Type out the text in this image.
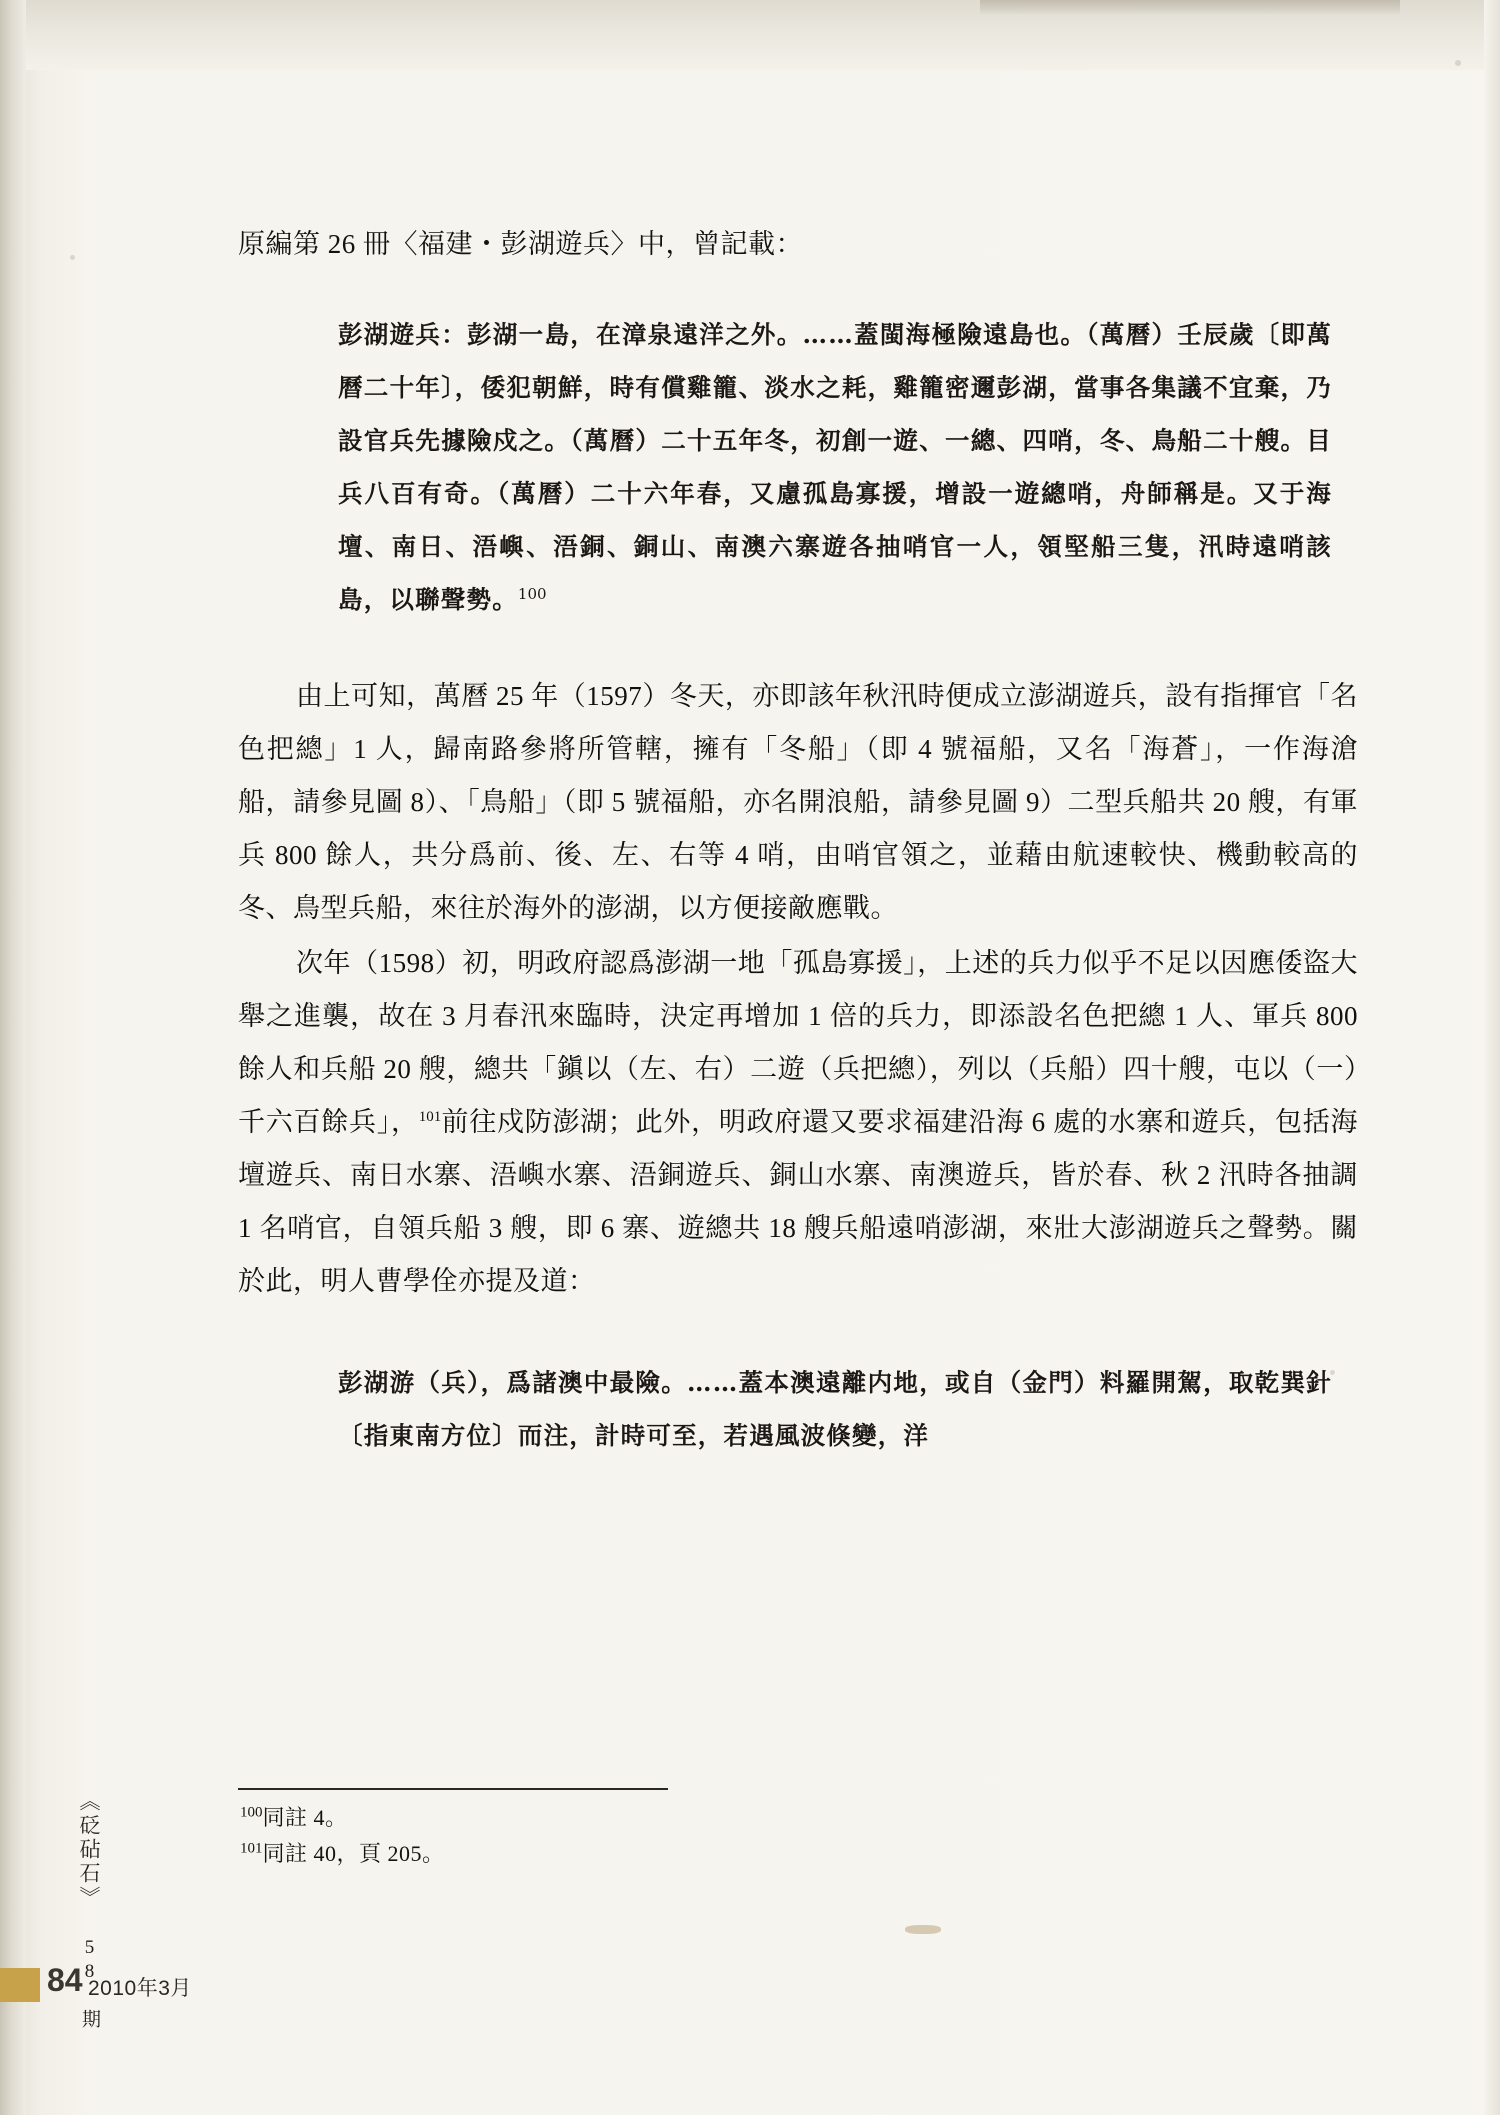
原編第 26 冊〈福建・彭湖遊兵〉中，曾記載：

彭湖遊兵：彭湖一島，在漳泉遠洋之外。……蓋閩海極險遠島也。（萬曆）壬辰歲〔即萬曆二十年〕，倭犯朝鮮，時有償雞籠、淡水之耗，雞籠密邇彭湖，當事各集議不宜棄，乃設官兵先據險戍之。（萬曆）二十五年冬，初創一遊、一總、四哨，冬、鳥船二十艘。目兵八百有奇。（萬曆）二十六年春，又慮孤島寡援，增設一遊總哨，舟師稱是。又于海壇、南日、浯嶼、浯銅、銅山、南澳六寨遊各抽哨官一人，領堅船三隻，汛時遠哨該島，以聯聲勢。$^{100}$

由上可知，萬曆 25 年（1597）冬天，亦即該年秋汛時便成立澎湖遊兵，設有指揮官「名色把總」1 人，歸南路參將所管轄，擁有「冬船」（即 4 號福船，又名「海蒼」，一作海滄船，請參見圖 8）、「鳥船」（即 5 號福船，亦名開浪船，請參見圖 9）二型兵船共 20 艘，有軍兵 800 餘人，共分爲前、後、左、右等 4 哨，由哨官領之，並藉由航速較快、機動較高的冬、鳥型兵船，來往於海外的澎湖，以方便接敵應戰。

次年（1598）初，明政府認爲澎湖一地「孤島寡援」，上述的兵力似乎不足以因應倭盜大舉之進襲，故在 3 月春汛來臨時，決定再增加 1 倍的兵力，即添設名色把總 1 人、軍兵 800 餘人和兵船 20 艘，總共「鎭以（左、右）二遊（兵把總），列以（兵船）四十艘，屯以（一）千六百餘兵」，$^{101}$前往戍防澎湖；此外，明政府還又要求福建沿海 6 處的水寨和遊兵，包括海壇遊兵、南日水寨、浯嶼水寨、浯銅遊兵、銅山水寨、南澳遊兵，皆於春、秋 2 汛時各抽調 1 名哨官，自領兵船 3 艘，即 6 寨、遊總共 18 艘兵船遠哨澎湖，來壯大澎湖遊兵之聲勢。關於此，明人曹學佺亦提及道：

彭湖游（兵），爲諸澳中最險。……蓋本澳遠離内地，或自（金門）料羅開駕，取乾巽針〔指東南方位〕而注，計時可至，若遇風波倏變，洋
$^{100}$同註 4。
$^{101}$同註 40，頁 205。
《砭砧石》 58 期
84 2010年3月
